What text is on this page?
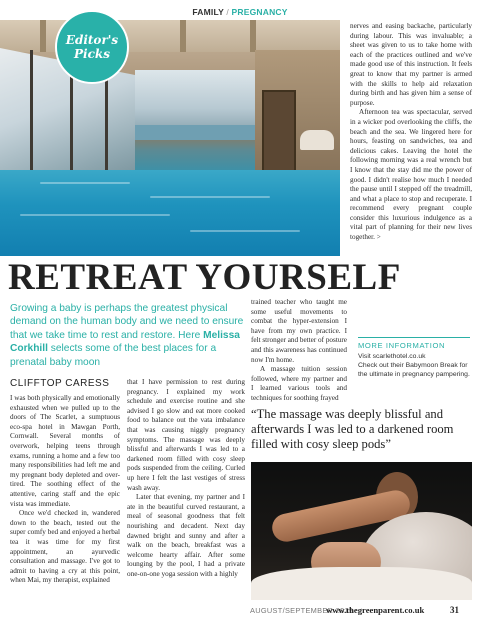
FAMILY / PREGNANCY
Editor's
Picks

nerves and easing backache, particularly during labour. This was invaluable; a sheet was given to us to take home with each of the practices outlined and we've made good use of this instruction. It feels great to know that my partner is armed with the skills to help aid relaxation during birth and has given him a sense of purpose.

Afternoon tea was spectacular, served in a wicker pod overlooking the cliffs, the beach and the sea. We lingered here for hours, feasting on sandwiches, tea and delicious cakes. Leaving the hotel the following morning was a real wrench but I know that the stay did me the power of good. I didn't realise how much I needed the pause until I stepped off the treadmill, and what a place to stop and recuperate. I recommend every pregnant couple consider this luxurious indulgence as a vital part of planning for their new lives together. >

RETREAT YOURSELF
Growing a baby is perhaps the greatest physical demand on the human body and we need to ensure that we take time to rest and restore. Here Melissa Corkhill selects some of the best places for a prenatal baby moon
CLIFFTOP CARESS

I was both physically and emotionally exhausted when we pulled up to the doors of The Scarlet, a sumptuous eco-spa hotel in Mawgan Porth, Cornwall. Several months of overwork, helping teens through exams, running a home and a few too many responsibilities had left me and my pregnant body depleted and over-tired. The soothing effect of the attentive, caring staff and the epic vista was immediate.

Once we'd checked in, wandered down to the beach, tested out the super comfy bed and enjoyed a herbal tea it was time for my first appointment, an ayurvedic consultation and massage. I've got to admit to having a cry at this point, when Mai, my therapist, explained

that I have permission to rest during pregnancy. I explained my work schedule and exercise routine and she advised I go slow and eat more cooked food to balance out the vata imbalance that was causing niggly pregnancy symptoms. The massage was deeply blissful and afterwards I was led to a darkened room filled with cosy sleep pods suspended from the ceiling. Curled up here I felt the last vestiges of stress wash away.

Later that evening, my partner and I ate in the beautiful curved restaurant, a meal of seasonal goodness that felt nourishing and decadent. Next day dawned bright and sunny and after a walk on the beach, breakfast was a welcome hearty affair. After some lounging by the pool, I had a private one-on-one yoga session with a highly

trained teacher who taught me some useful movements to combat the hyper-extension I have from my own practice. I felt stronger and better of posture and this awareness has continued now I'm home.

A massage tuition session followed, where my partner and I learned various tools and techniques for soothing frayed

MORE INFORMATION

Visit scarlethotel.co.uk

Check out their Babymoon Break for the ultimate in pregnancy pampering.

“The massage was deeply blissful and afterwards I was led to a darkened room filled with cosy sleep pods”
AUGUST/SEPTEMBER 2019
www.thegreenparent.co.uk	31
